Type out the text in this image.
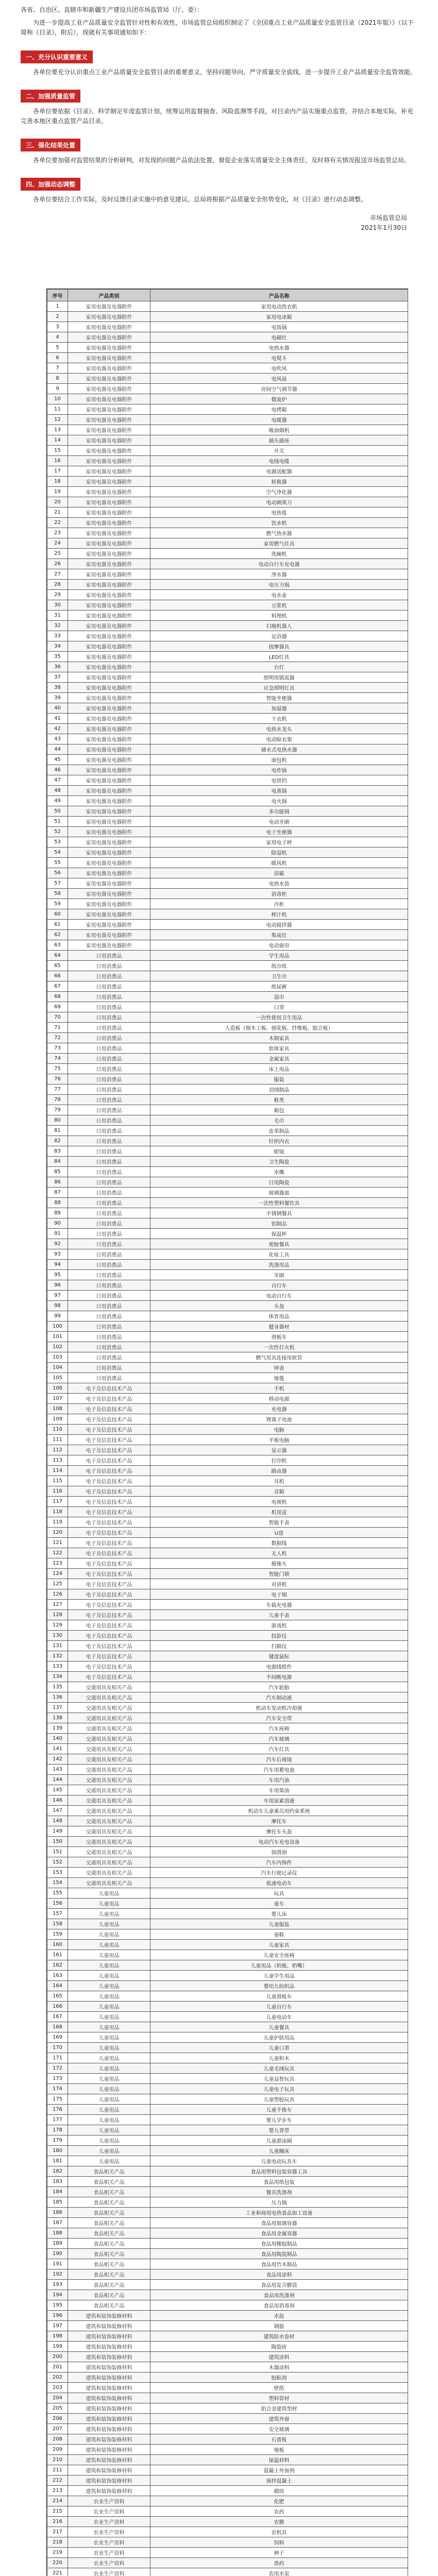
各省、自治区、直辖市和新疆生产建设兵团市场监管局（厅、委）：

为进一步提高工业产品质量安全监管针对性和有效性，市场监管总局组织制定了《全国重点工业产品质量安全监管目录（2021年版）》（以下简称《目录》，附后），现就有关事项通知如下：

一、充分认识重要意义

各单位要充分认识重点工业产品质量安全监管目录的重要意义，坚持问题导向，严守质量安全底线，进一步提升工业产品质量安全监管效能。

二、加强质量监管

各单位要依据《目录》，科学制定年度监管计划，统筹运用监督抽查、风险监测等手段，对目录内产品实施重点监管，并结合本地实际，补充完善本地区重点监管产品目录。

三、强化结果处置

各单位要加强对监管结果的分析研判，对发现的问题产品依法处置，督促企业落实质量安全主体责任，及时将有关情况报送市场监管总局。

四、加强动态调整

各单位要结合工作实际，及时反馈目录实施中的意见建议。总局将根据产品质量安全形势变化，对《目录》进行动态调整。

市场监管总局
2021年1月30日
序号	产品类别	产品名称
1	家用电器及电器附件	家用电动洗衣机
2	家用电器及电器附件	家用电冰箱
3	家用电器及电器附件	电饭锅
4	家用电器及电器附件	电磁灶
5	家用电器及电器附件	电热水器
6	家用电器及电器附件	电熨斗
7	家用电器及电器附件	电吹风
8	家用电器及电器附件	电风扇
9	家用电器及电器附件	房间空气调节器
10	家用电器及电器附件	微波炉
11	家用电器及电器附件	电烤箱
12	家用电器及电器附件	电暖器
13	家用电器及电器附件	吸油烟机
14	家用电器及电器附件	插头插座
15	家用电器及电器附件	开关
16	家用电器及电器附件	电线电缆
17	家用电器及电器附件	电源适配器
18	家用电器及电器附件	转换器
19	家用电器及电器附件	空气净化器
20	家用电器及电器附件	电动剃须刀
21	家用电器及电器附件	电热毯
22	家用电器及电器附件	饮水机
23	家用电器及电器附件	燃气热水器
24	家用电器及电器附件	家用燃气灶具
25	家用电器及电器附件	洗碗机
26	家用电器及电器附件	电动自行车充电器
27	家用电器及电器附件	净水器
28	家用电器及电器附件	电压力锅
29	家用电器及电器附件	电水壶
30	家用电器及电器附件	豆浆机
31	家用电器及电器附件	料理机
32	家用电器及电器附件	扫地机器人
33	家用电器及电器附件	足浴器
34	家用电器及电器附件	按摩器具
35	家用电器及电器附件	LED灯具
36	家用电器及电器附件	台灯
37	家用电器及电器附件	照明用镇流器
38	家用电器及电器附件	应急照明灯具
39	家用电器及电器附件	智能坐便器
40	家用电器及电器附件	加湿器
41	家用电器及电器附件	干衣机
42	家用电器及电器附件	电热水龙头
43	家用电器及电器附件	电动晾衣架
44	家用电器及电器附件	储水式电热水器
45	家用电器及电器附件	面包机
46	家用电器及电器附件	电炸锅
47	家用电器及电器附件	电饼铛
48	家用电器及电器附件	电蒸锅
49	家用电器及电器附件	电火锅
50	家用电器及电器附件	多功能锅
51	家用电器及电器附件	电动牙刷
52	家用电器及电器附件	电子坐便器
53	家用电器及电器附件	家用电子秤
54	家用电器及电器附件	除湿机
55	家用电器及电器附件	暖风机
56	家用电器及电器附件	浴霸
57	家用电器及电器附件	电热水袋
58	家用电器及电器附件	消毒柜
59	家用电器及电器附件	冷柜
60	家用电器及电器附件	榨汁机
61	家用电器及电器附件	电动搅拌器
62	家用电器及电器附件	集成灶
63	家用电器及电器附件	电动窗帘
64	日用消费品	学生用品
65	日用消费品	纸巾纸
66	日用消费品	卫生巾
67	日用消费品	纸尿裤
68	日用消费品	湿巾
69	日用消费品	口罩
70	日用消费品	一次性使用卫生用品
71	日用消费品	人造板（细木工板、刨花板、纤维板、胶合板）
72	日用消费品	木制家具
73	日用消费品	软体家具
74	日用消费品	金属家具
75	日用消费品	床上用品
76	日用消费品	服装
77	日用消费品	羽绒制品
78	日用消费品	鞋类
79	日用消费品	箱包
80	日用消费品	毛巾
81	日用消费品	皮革制品
82	日用消费品	针织内衣
83	日用消费品	眼镜
84	日用消费品	卫生陶瓷
85	日用消费品	水嘴
86	日用消费品	日用陶瓷
87	日用消费品	玻璃器皿
88	日用消费品	一次性塑料餐饮具
89	日用消费品	不锈钢餐具
90	日用消费品	铝制品
91	日用消费品	保温杯
92	日用消费品	密胺餐具
93	日用消费品	化妆工具
94	日用消费品	洗涤用品
95	日用消费品	牙刷
96	日用消费品	自行车
97	日用消费品	电动自行车
98	日用消费品	头盔
99	日用消费品	体育用品
100	日用消费品	健身器材
101	日用消费品	滑板车
102	日用消费品	一次性打火机
103	日用消费品	燃气用具连接用软管
104	日用消费品	钟表
105	日用消费品	地毯
106	电子及信息技术产品	手机
107	电子及信息技术产品	移动电源
108	电子及信息技术产品	充电器
109	电子及信息技术产品	锂离子电池
110	电子及信息技术产品	电脑
111	电子及信息技术产品	平板电脑
112	电子及信息技术产品	显示器
113	电子及信息技术产品	打印机
114	电子及信息技术产品	路由器
115	电子及信息技术产品	耳机
116	电子及信息技术产品	音箱
117	电子及信息技术产品	电视机
118	电子及信息技术产品	机顶盒
119	电子及信息技术产品	智能手表
120	电子及信息技术产品	U盘
121	电子及信息技术产品	数据线
122	电子及信息技术产品	无人机
123	电子及信息技术产品	摄像头
124	电子及信息技术产品	智能门锁
125	电子及信息技术产品	对讲机
126	电子及信息技术产品	电子烟
127	电子及信息技术产品	车载充电器
128	电子及信息技术产品	儿童手表
129	电子及信息技术产品	游戏机
130	电子及信息技术产品	投影仪
131	电子及信息技术产品	扫描仪
132	电子及信息技术产品	键盘鼠标
133	电子及信息技术产品	电源线组件
134	电子及信息技术产品	不间断电源
135	交通用具及相关产品	汽车轮胎
136	交通用具及相关产品	汽车制动液
137	交通用具及相关产品	机动车发动机冷却液
138	交通用具及相关产品	汽车安全带
139	交通用具及相关产品	汽车座椅
140	交通用具及相关产品	汽车玻璃
141	交通用具及相关产品	汽车灯具
142	交通用具及相关产品	汽车后视镜
143	交通用具及相关产品	汽车用蓄电池
144	交通用具及相关产品	车用汽油
145	交通用具及相关产品	车用柴油
146	交通用具及相关产品	车用尿素溶液
147	交通用具及相关产品	机动车儿童乘员用约束系统
148	交通用具及相关产品	摩托车
149	交通用具及相关产品	摩托车头盔
150	交通用具及相关产品	电动汽车充电设备
151	交通用具及相关产品	润滑油
152	交通用具及相关产品	汽车内饰件
153	交通用具及相关产品	汽车行驶记录仪
154	交通用具及相关产品	低速电动车
155	儿童用品	玩具
156	儿童用品	童车
157	儿童用品	婴儿床
158	儿童用品	儿童服装
159	儿童用品	童鞋
160	儿童用品	儿童家具
161	儿童用品	儿童安全座椅
162	儿童用品	儿童用品（奶瓶、奶嘴）
163	儿童用品	儿童学生用品
164	儿童用品	婴幼儿纺织品
165	儿童用品	儿童滑板车
166	儿童用品	儿童自行车
167	儿童用品	儿童电动车
168	儿童用品	儿童餐具
169	儿童用品	儿童护肤用品
170	儿童用品	儿童口罩
171	儿童用品	儿童积木
172	儿童用品	儿童毛绒玩具
173	儿童用品	儿童益智玩具
174	儿童用品	儿童电子玩具
175	儿童用品	儿童塑胶玩具
176	儿童用品	儿童手推车
177	儿童用品	婴儿学步车
178	儿童用品	婴儿背带
179	儿童用品	儿童游泳圈
180	儿童用品	儿童蹦床
181	儿童用品	儿童电动玩具车
182	食品相关产品	食品用塑料包装容器工具
183	食品相关产品	食品用纸包装
184	食品相关产品	餐具洗涤剂
185	食品相关产品	压力锅
186	食品相关产品	工业和商用电热食品加工设备
187	食品相关产品	食品用玻璃容器
188	食品相关产品	食品用金属容器
189	食品相关产品	食品用橡胶制品
190	食品相关产品	食品用陶瓷制品
191	食品相关产品	食品用竹木制品
192	食品相关产品	食品用涂料
193	食品相关产品	食品用复合膜袋
194	食品相关产品	食品用洗涤剂
195	食品相关产品	食品用消毒剂
196	建筑和装饰装修材料	水泥
197	建筑和装饰装修材料	钢筋
198	建筑和装饰装修材料	建筑防水卷材
199	建筑和装饰装修材料	陶瓷砖
200	建筑和装饰装修材料	建筑涂料
201	建筑和装饰装修材料	木器涂料
202	建筑和装饰装修材料	胶粘剂
203	建筑和装饰装修材料	壁纸
204	建筑和装饰装修材料	塑料管材
205	建筑和装饰装修材料	铝合金建筑型材
206	建筑和装饰装修材料	建筑外窗
207	建筑和装饰装修材料	安全玻璃
208	建筑和装饰装修材料	石膏板
209	建筑和装饰装修材料	地板
210	建筑和装饰装修材料	保温材料
211	建筑和装饰装修材料	混凝土外加剂
212	建筑和装饰装修材料	预拌混凝土
213	建筑和装饰装修材料	砌块
214	农业生产资料	化肥
215	农业生产资料	农药
216	农业生产资料	农膜
217	农业生产资料	农机具
218	农业生产资料	饲料
219	农业生产资料	种子
220	农业生产资料	兽药
221	农业生产资料	农用水泵
